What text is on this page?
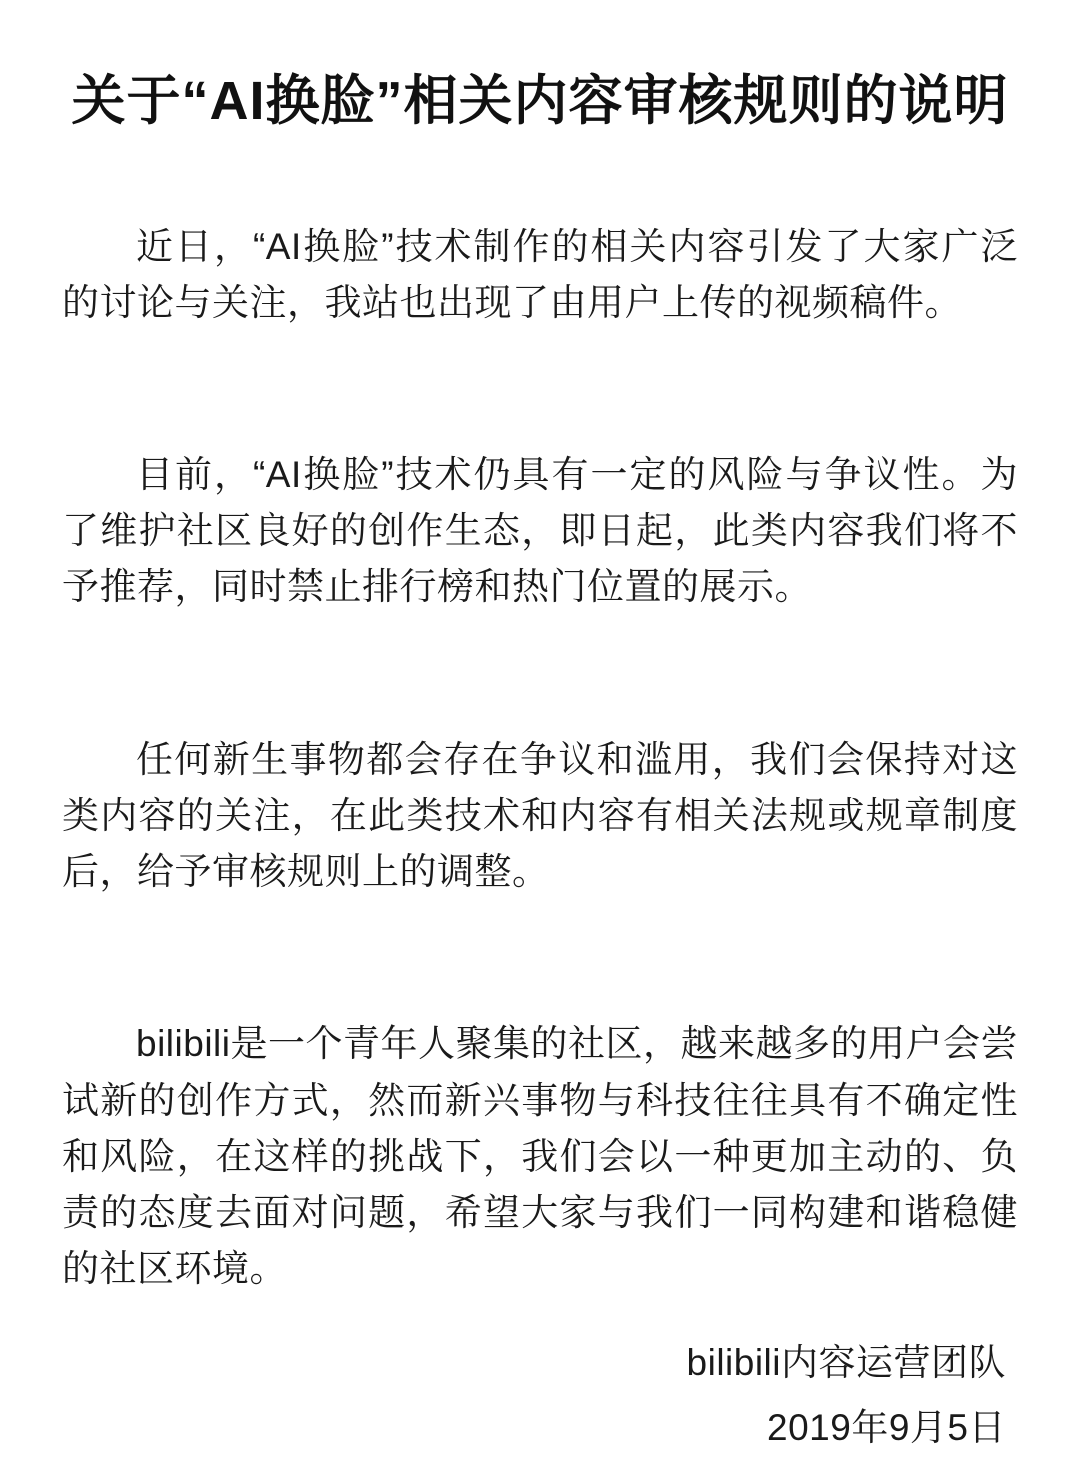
关于“AI换脸”相关内容审核规则的说明

近日，“AI换脸”技术制作的相关内容引发了大家广泛的讨论与关注，我站也出现了由用户上传的视频稿件。

目前，“AI换脸”技术仍具有一定的风险与争议性。为了维护社区良好的创作生态，即日起，此类内容我们将不予推荐，同时禁止排行榜和热门位置的展示。

任何新生事物都会存在争议和滥用，我们会保持对这类内容的关注，在此类技术和内容有相关法规或规章制度后，给予审核规则上的调整。

bilibili是一个青年人聚集的社区，越来越多的用户会尝试新的创作方式，然而新兴事物与科技往往具有不确定性和风险，在这样的挑战下，我们会以一种更加主动的、负责的态度去面对问题，希望大家与我们一同构建和谐稳健的社区环境。

bilibili内容运营团队
2019年9月5日
